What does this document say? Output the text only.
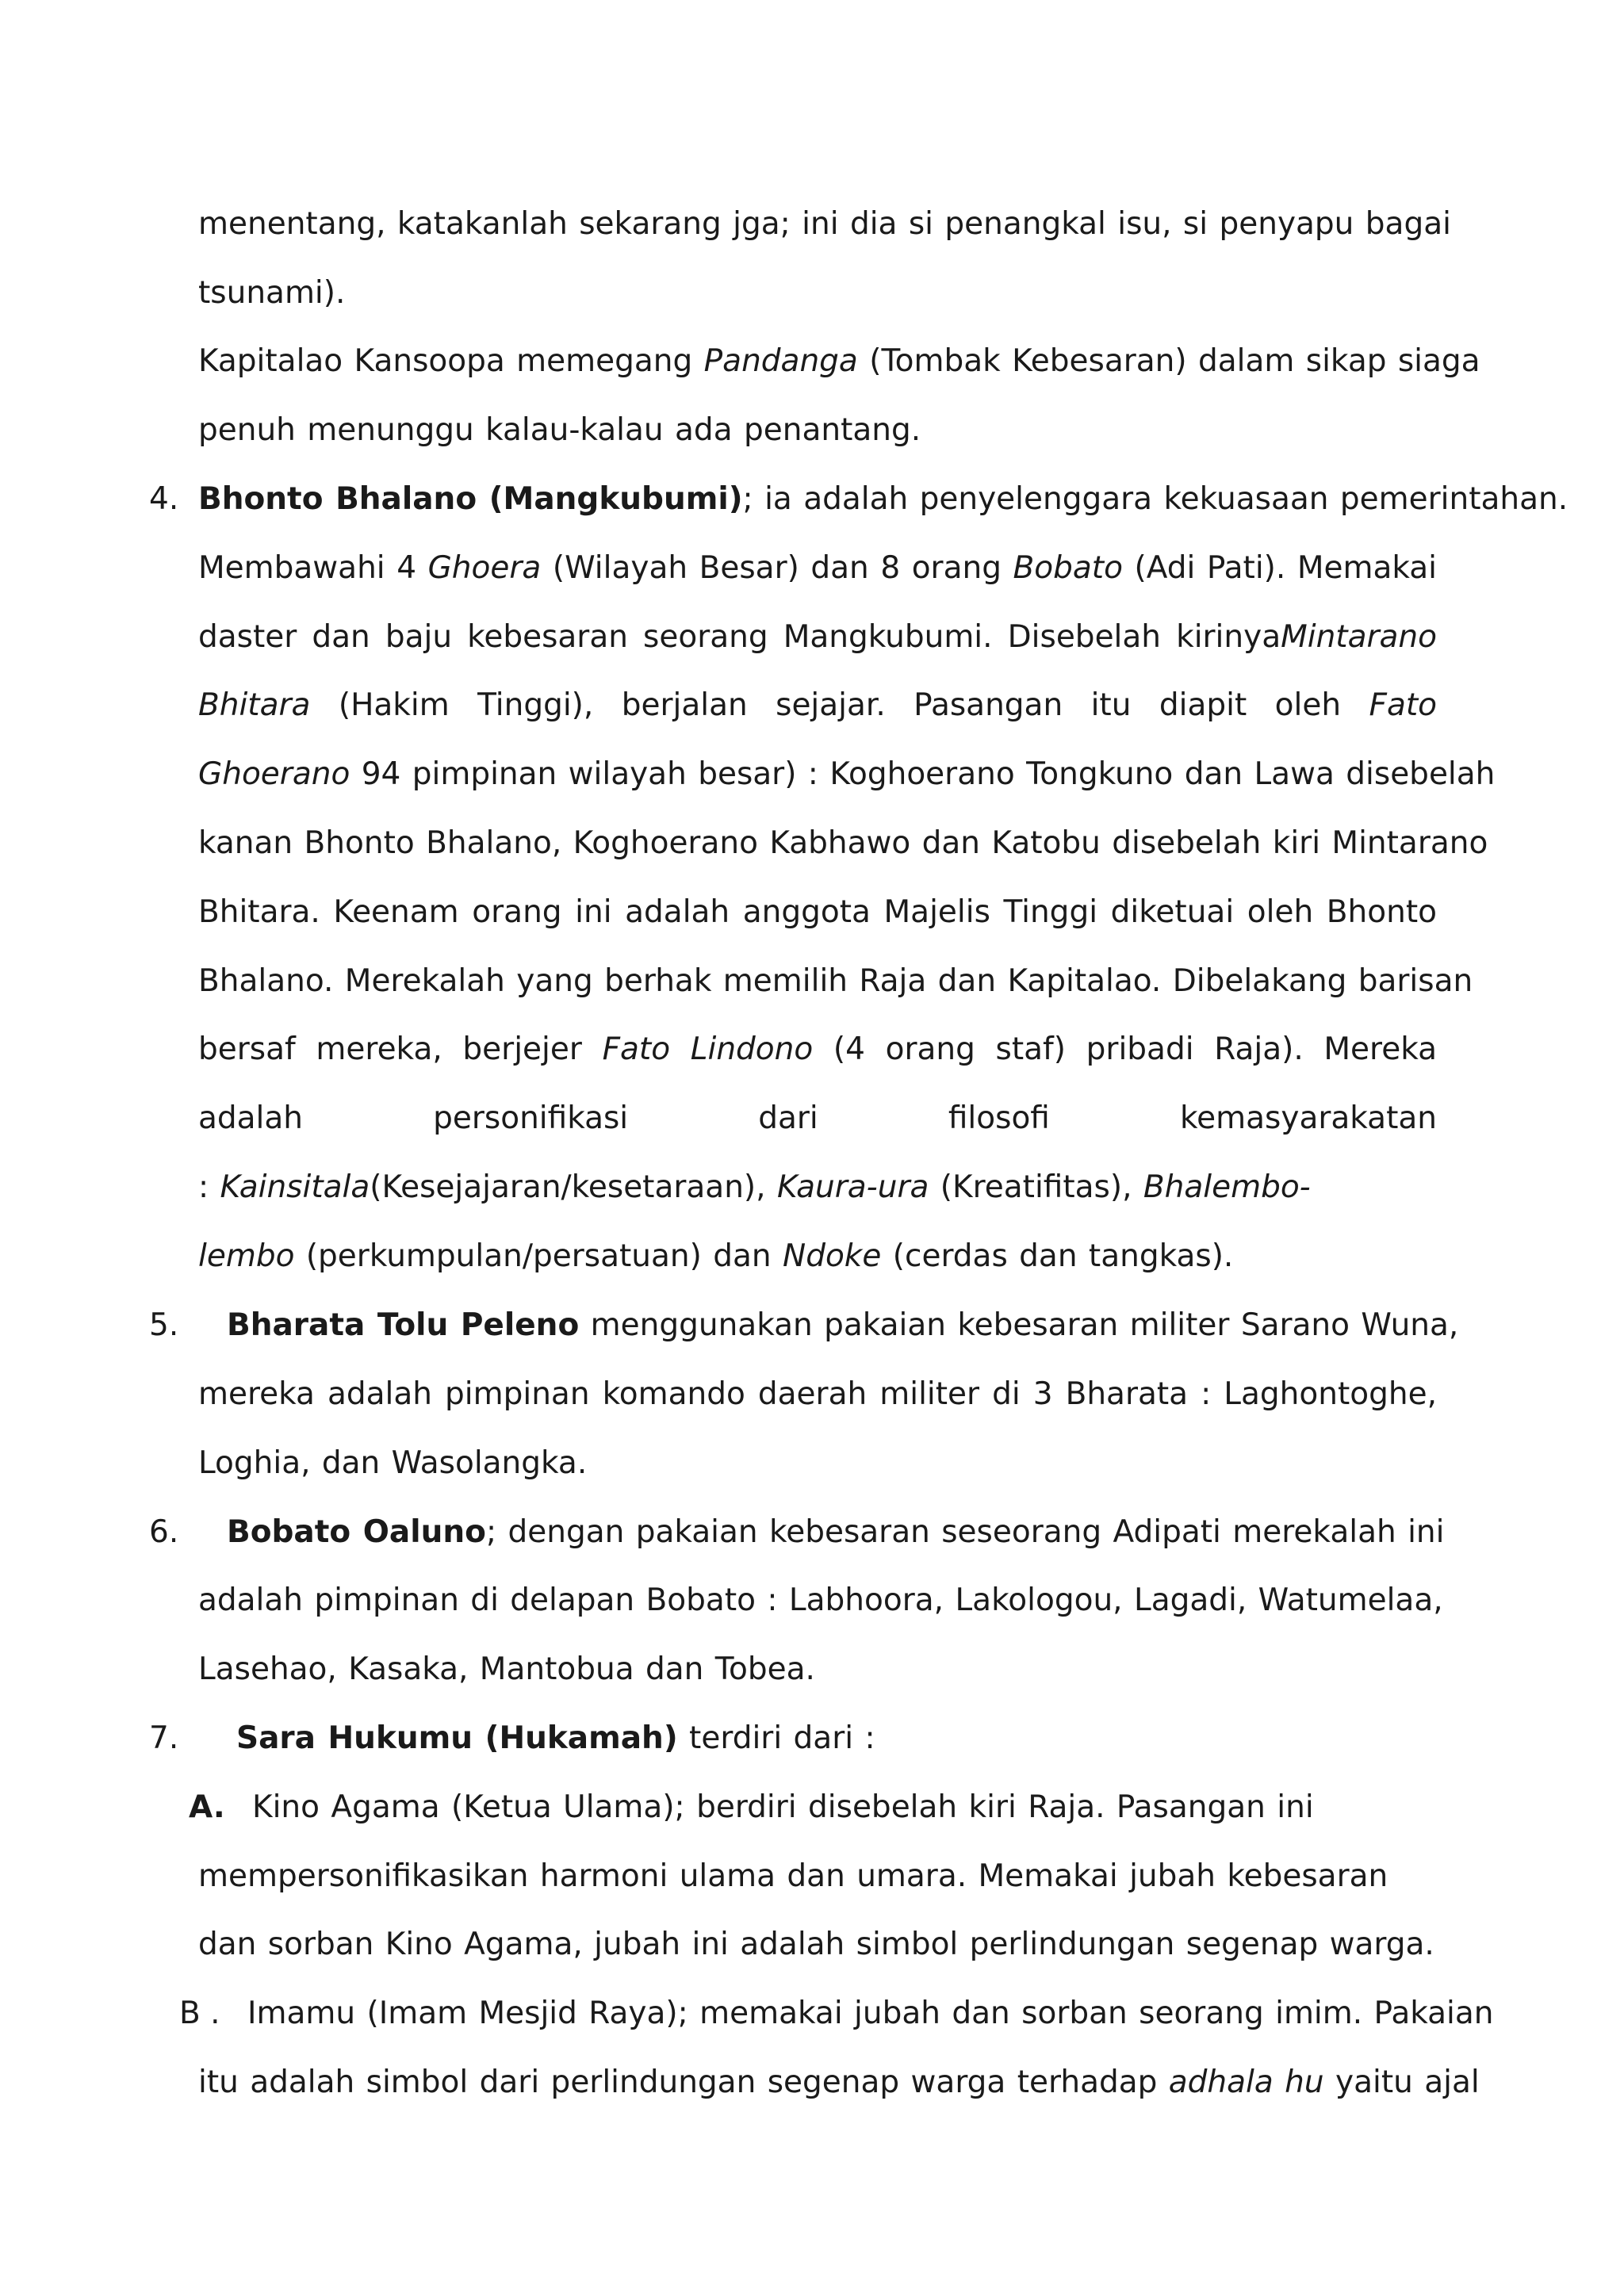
menentang, katakanlah sekarang jga; ini dia si penangkal isu, si penyapu bagai
tsunami).
Kapitalao Kansoopa memegang Pandanga (Tombak Kebesaran) dalam sikap siaga
penuh menunggu kalau-kalau ada penantang.
4. Bhonto Bhalano (Mangkubumi); ia adalah penyelenggara kekuasaan pemerintahan.
Membawahi 4 Ghoera (Wilayah Besar) dan 8 orang Bobato (Adi Pati). Memakai
daster dan baju kebesaran seorang Mangkubumi. Disebelah kirinyaMintarano
Bhitara (Hakim Tinggi), berjalan sejajar. Pasangan itu diapit oleh Fato
Ghoerano 94 pimpinan wilayah besar) : Koghoerano Tongkuno dan Lawa disebelah
kanan Bhonto Bhalano, Koghoerano Kabhawo dan Katobu disebelah kiri Mintarano
Bhitara. Keenam orang ini adalah anggota Majelis Tinggi diketuai oleh Bhonto
Bhalano. Merekalah yang berhak memilih Raja dan Kapitalao. Dibelakang barisan
bersaf mereka, berjejer Fato Lindono (4 orang staf) pribadi Raja). Mereka
adalah personifikasi dari filosofi kemasyarakatan
: Kainsitala(Kesejajaran/kesetaraan), Kaura-ura (Kreatifitas), Bhalembo-
lembo (perkumpulan/persatuan) dan Ndoke (cerdas dan tangkas).
5. Bharata Tolu Peleno menggunakan pakaian kebesaran militer Sarano Wuna,
mereka adalah pimpinan komando daerah militer di 3 Bharata : Laghontoghe,
Loghia, dan Wasolangka.
6. Bobato Oaluno; dengan pakaian kebesaran seseorang Adipati merekalah ini
adalah pimpinan di delapan Bobato : Labhoora, Lakologou, Lagadi, Watumelaa,
Lasehao, Kasaka, Mantobua dan Tobea.
7. Sara Hukumu (Hukamah) terdiri dari :
A. Kino Agama (Ketua Ulama); berdiri disebelah kiri Raja. Pasangan ini
mempersonifikasikan harmoni ulama dan umara. Memakai jubah kebesaran
dan sorban Kino Agama, jubah ini adalah simbol perlindungan segenap warga.
B . Imamu (Imam Mesjid Raya); memakai jubah dan sorban seorang imim. Pakaian
itu adalah simbol dari perlindungan segenap warga terhadap adhala hu yaitu ajal
